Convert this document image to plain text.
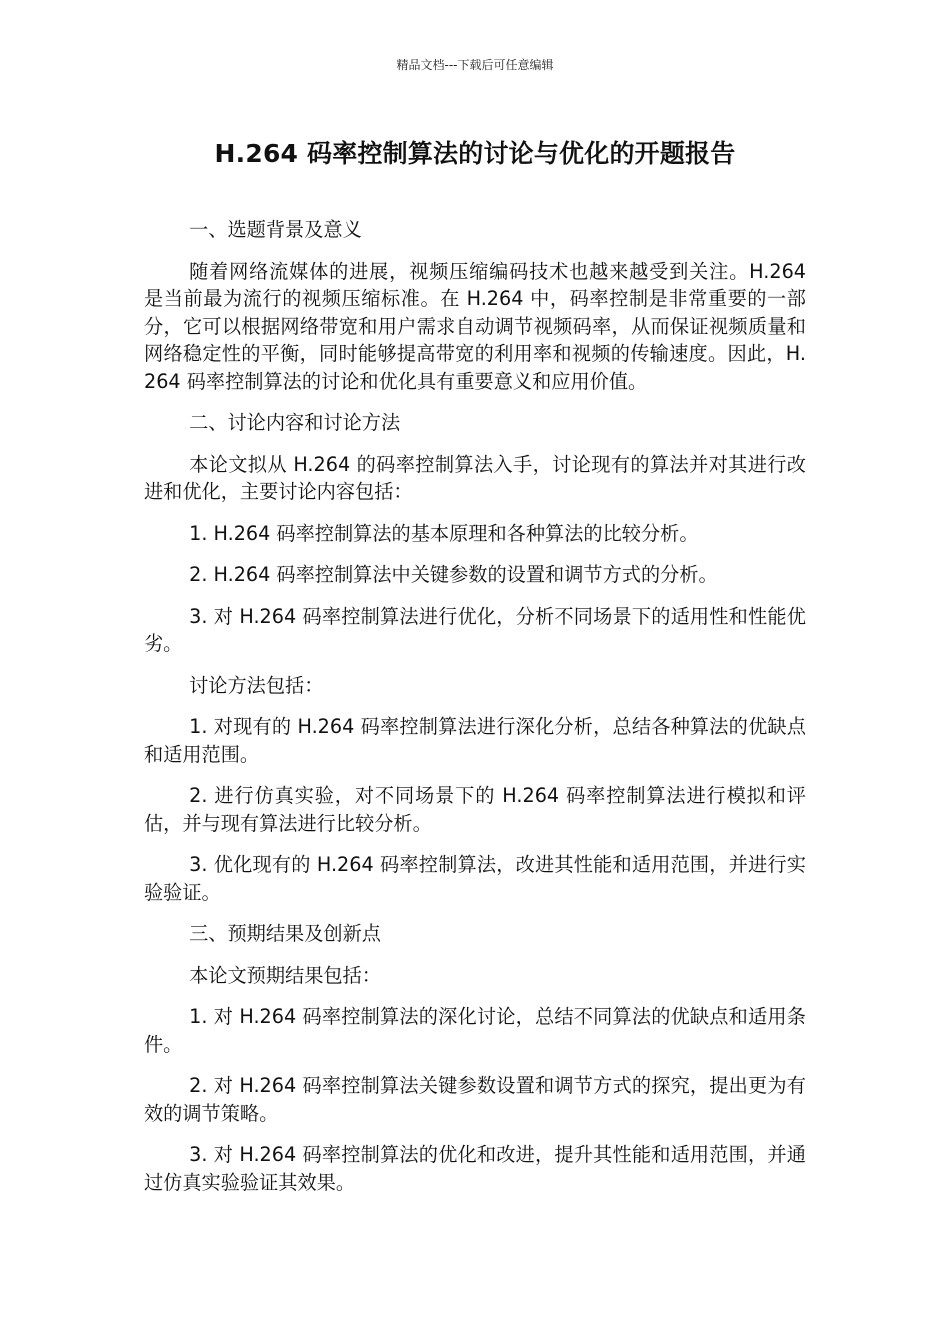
精品文档---下载后可任意编辑
H.264 码率控制算法的讨论与优化的开题报告

一、选题背景及意义

随着网络流媒体的进展，视频压缩编码技术也越来越受到关注。H.264 是当前最为流行的视频压缩标准。在 H.264 中，码率控制是非常重要的一部分，它可以根据网络带宽和用户需求自动调节视频码率，从而保证视频质量和网络稳定性的平衡，同时能够提高带宽的利用率和视频的传输速度。因此，H.264 码率控制算法的讨论和优化具有重要意义和应用价值。

二、讨论内容和讨论方法

本论文拟从 H.264 的码率控制算法入手，讨论现有的算法并对其进行改进和优化，主要讨论内容包括：

1. H.264 码率控制算法的基本原理和各种算法的比较分析。

2. H.264 码率控制算法中关键参数的设置和调节方式的分析。

3. 对 H.264 码率控制算法进行优化，分析不同场景下的适用性和性能优劣。

讨论方法包括：

1. 对现有的 H.264 码率控制算法进行深化分析，总结各种算法的优缺点和适用范围。

2. 进行仿真实验，对不同场景下的 H.264 码率控制算法进行模拟和评估，并与现有算法进行比较分析。

3. 优化现有的 H.264 码率控制算法，改进其性能和适用范围，并进行实验验证。

三、预期结果及创新点

本论文预期结果包括：

1. 对 H.264 码率控制算法的深化讨论，总结不同算法的优缺点和适用条件。

2. 对 H.264 码率控制算法关键参数设置和调节方式的探究，提出更为有效的调节策略。

3. 对 H.264 码率控制算法的优化和改进，提升其性能和适用范围，并通过仿真实验验证其效果。
